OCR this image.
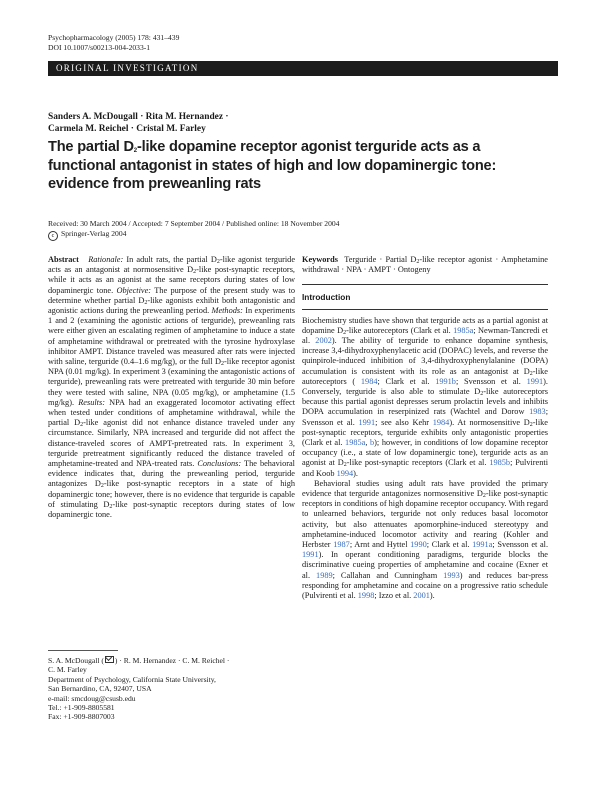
Psychopharmacology (2005) 178: 431–439
DOI 10.1007/s00213-004-2033-1
ORIGINAL INVESTIGATION
Sanders A. McDougall · Rita M. Hernandez ·
Carmela M. Reichel · Cristal M. Farley
The partial $D_2$-like dopamine receptor agonist terguride acts as a functional antagonist in states of high and low dopaminergic tone: evidence from preweanling rats
Received: 30 March 2004 / Accepted: 7 September 2004 / Published online: 18 November 2004
c Springer-Verlag 2004
Abstract Rationale: In adult rats, the partial $D_2$-like agonist terguride acts as an antagonist at normosensitive $D_2$-like post-synaptic receptors, while it acts as an agonist at the same receptors during states of low dopaminergic tone. Objective: The purpose of the present study was to determine whether partial $D_2$-like agonists exhibit both antagonistic and agonistic actions during the preweanling period. Methods: In experiments 1 and 2 (examining the agonistic actions of terguride), preweanling rats were either given an escalating regimen of amphetamine to induce a state of amphetamine withdrawal or pretreated with the tyrosine hydroxylase inhibitor AMPT. Distance traveled was measured after rats were injected with saline, terguride (0.4–1.6 mg/kg), or the full $D_2$-like receptor agonist NPA (0.01 mg/kg). In experiment 3 (examining the antagonistic actions of terguride), preweanling rats were pretreated with terguride 30 min before they were tested with saline, NPA (0.05 mg/kg), or amphetamine (1.5 mg/kg). Results: NPA had an exaggerated locomotor activating effect when tested under conditions of amphetamine withdrawal, while the partial $D_2$-like agonist did not enhance distance traveled under any circumstance. Similarly, NPA increased and terguride did not affect the distance-traveled scores of AMPT-pretreated rats. In experiment 3, terguride pretreatment significantly reduced the distance traveled of amphetamine-treated and NPA-treated rats. Conclusions: The behavioral evidence indicates that, during the preweanling period, terguride antagonizes $D_2$-like post-synaptic receptors in a state of high dopaminergic tone; however, there is no evidence that terguride is capable of stimulating $D_2$-like post-synaptic receptors during states of low dopaminergic tone.
S. A. McDougall ( ) · R. M. Hernandez · C. M. Reichel ·
C. M. Farley
Department of Psychology, California State University,
San Bernardino, CA, 92407, USA
e-mail: smcdoug@csusb.edu
Tel.: +1-909-8805581
Fax: +1-909-8807003
Keywords Terguride · Partial $D_2$-like receptor agonist · Amphetamine withdrawal · NPA · AMPT · Ontogeny
Introduction

Biochemistry studies have shown that terguride acts as a partial agonist at dopamine $D_2$-like autoreceptors (Clark et al. 1985a; Newman-Tancredi et al. 2002). The ability of terguride to enhance dopamine synthesis, increase 3,4-dihydroxyphenylacetic acid (DOPAC) levels, and reverse the quinpirole-induced inhibition of 3,4-dihydroxyphenylalanine (DOPA) accumulation is consistent with its role as an antagonist at $D_2$-like autoreceptors ( 1984; Clark et al. 1991b; Svensson et al. 1991). Conversely, terguride is also able to stimulate $D_2$-like autoreceptors because this partial agonist depresses serum prolactin levels and inhibits DOPA accumulation in reserpinized rats (Wachtel and Dorow 1983; Svensson et al. 1991; see also Kehr 1984). At normosensitive $D_2$-like post-synaptic receptors, terguride exhibits only antagonistic properties (Clark et al. 1985a, b); however, in conditions of low dopamine receptor occupancy (i.e., a state of low dopaminergic tone), terguride acts as an agonist at $D_2$-like post-synaptic receptors (Clark et al. 1985b; Pulvirenti and Koob 1994).

Behavioral studies using adult rats have provided the primary evidence that terguride antagonizes normosensitive $D_2$-like post-synaptic receptors in conditions of high dopamine receptor occupancy. With regard to unlearned behaviors, terguride not only reduces basal locomotor activity, but also attenuates apomorphine-induced stereotypy and amphetamine-induced locomotor activity and rearing (Kohler and Herbster 1987; Arnt and Hyttel 1990; Clark et al. 1991a; Svensson et al. 1991). In operant conditioning paradigms, terguride blocks the discriminative cueing properties of amphetamine and cocaine (Exner et al. 1989; Callahan and Cunningham 1993) and reduces bar-press responding for amphetamine and cocaine on a progressive ratio schedule (Pulvirenti et al. 1998; Izzo et al. 2001).
